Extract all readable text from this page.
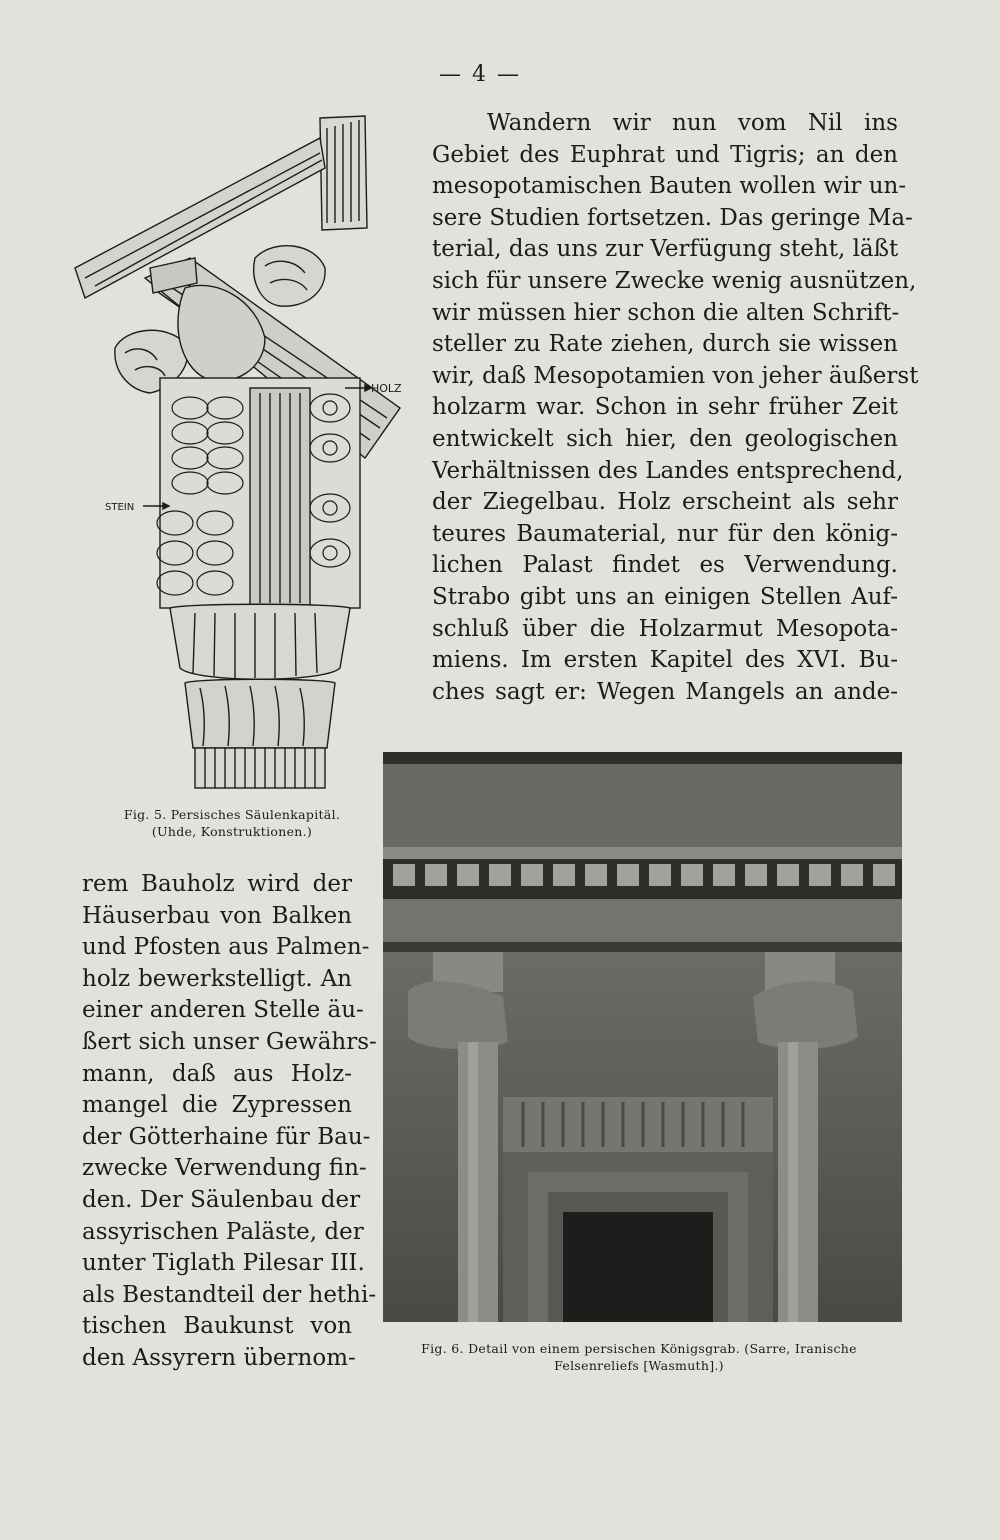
— 4 —
HOLZ
STEIN
Fig. 5. Persisches Säulenkapitäl.
(Uhde, Konstruktionen.)
Wandern wir nun vom Nil ins
Gebiet des Euphrat und Tigris; an den
mesopotamischen Bauten wollen wir un-
sere Studien fortsetzen. Das geringe Ma-
terial, das uns zur Verfügung steht, läßt
sich für unsere Zwecke wenig ausnützen,
wir müssen hier schon die alten Schrift-
steller zu Rate ziehen, durch sie wissen
wir, daß Mesopotamien von jeher äußerst
holzarm war. Schon in sehr früher Zeit
entwickelt sich hier, den geologischen
Verhältnissen des Landes entsprechend,
der Ziegelbau. Holz erscheint als sehr
teures Baumaterial, nur für den könig-
lichen Palast findet es Verwendung.
Strabo gibt uns an einigen Stellen Auf-
schluß über die Holzarmut Mesopota-
miens. Im ersten Kapitel des XVI. Bu-
ches sagt er: Wegen Mangels an ande-
Fig. 6. Detail von einem persischen Königsgrab. (Sarre, Iranische
Felsenreliefs [Wasmuth].)
rem Bauholz wird der
Häuserbau von Balken
und Pfosten aus Palmen-
holz bewerkstelligt. An
einer anderen Stelle äu-
ßert sich unser Gewährs-
mann, daß aus Holz-
mangel die Zypressen
der Götterhaine für Bau-
zwecke Verwendung fin-
den. Der Säulenbau der
assyrischen Paläste, der
unter Tiglath Pilesar III.
als Bestandteil der hethi-
tischen Baukunst von
den Assyrern übernom-
